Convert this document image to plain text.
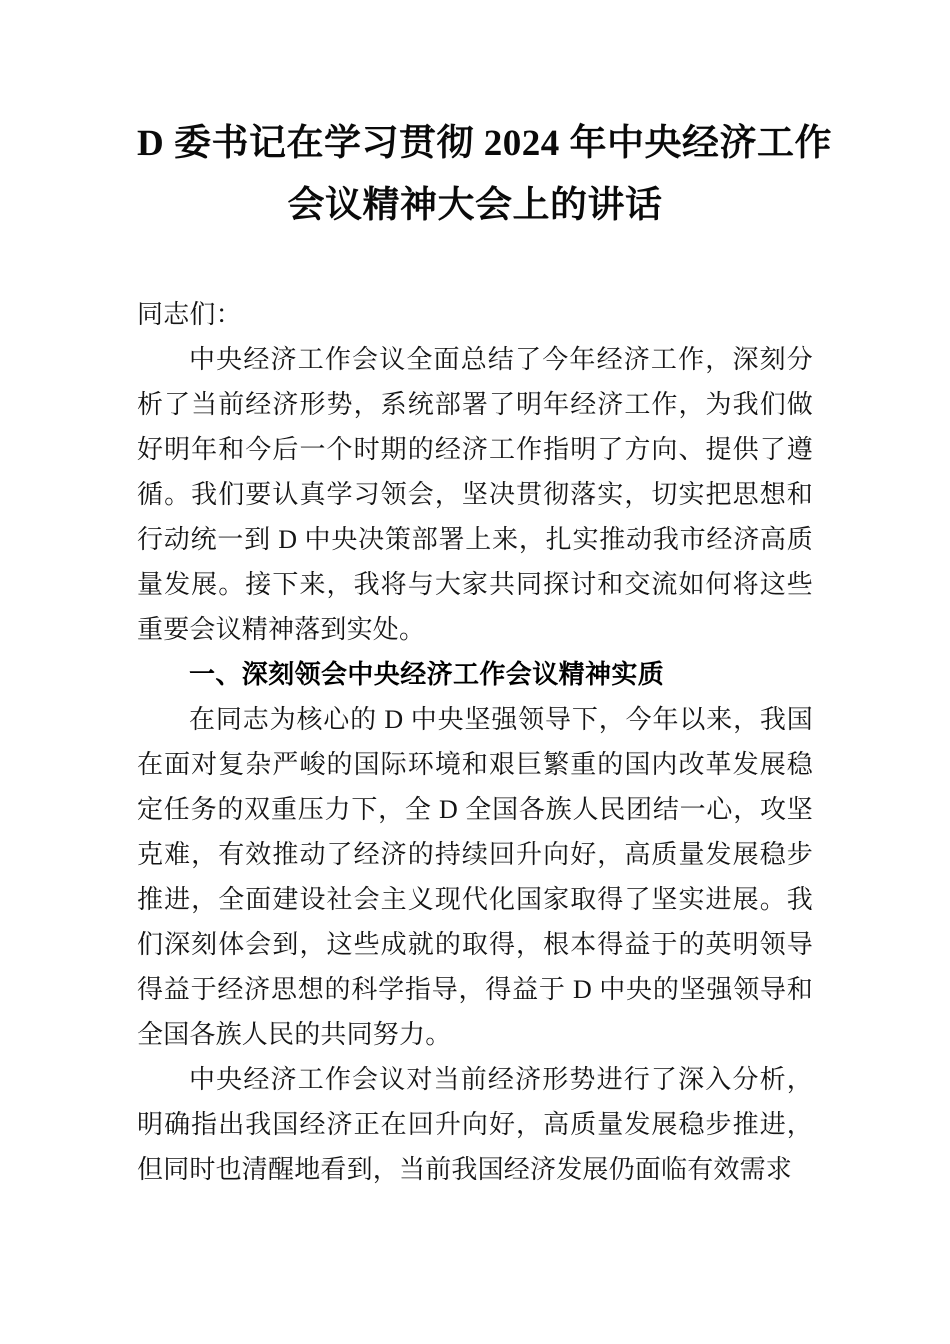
D 委书记在学习贯彻 2024 年中央经济工作
会议精神大会上的讲话

同志们：

中央经济工作会议全面总结了今年经济工作，深刻分析了当前经济形势，系统部署了明年经济工作，为我们做好明年和今后一个时期的经济工作指明了方向、提供了遵循。我们要认真学习领会，坚决贯彻落实，切实把思想和行动统一到 D 中央决策部署上来，扎实推动我市经济高质量发展。接下来，我将与大家共同探讨和交流如何将这些重要会议精神落到实处。

一、深刻领会中央经济工作会议精神实质

在同志为核心的 D 中央坚强领导下，今年以来，我国在面对复杂严峻的国际环境和艰巨繁重的国内改革发展稳定任务的双重压力下，全 D 全国各族人民团结一心，攻坚克难，有效推动了经济的持续回升向好，高质量发展稳步推进，全面建设社会主义现代化国家取得了坚实进展。我们深刻体会到，这些成就的取得，根本得益于的英明领导得益于经济思想的科学指导，得益于 D 中央的坚强领导和全国各族人民的共同努力。

中央经济工作会议对当前经济形势进行了深入分析，明确指出我国经济正在回升向好，高质量发展稳步推进，但同时也清醒地看到，当前我国经济发展仍面临有效需求
